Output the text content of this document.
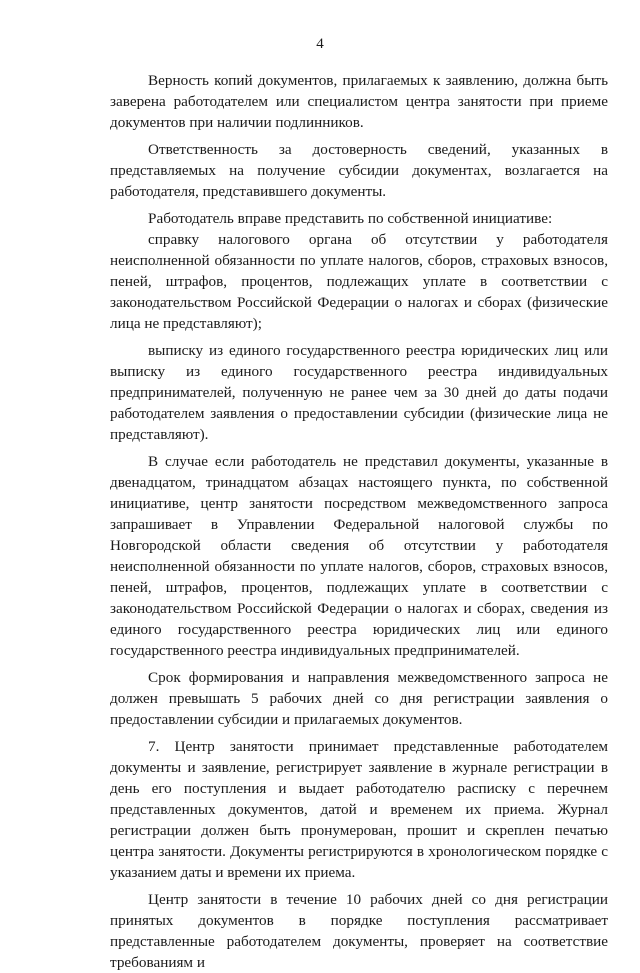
4

Верность копий документов, прилагаемых к заявлению, должна быть заверена работодателем или специалистом центра занятости при приеме документов при наличии подлинников.

Ответственность за достоверность сведений, указанных в представляемых на получение субсидии документах, возлагается на работодателя, представившего документы.

Работодатель вправе представить по собственной инициативе:

справку налогового органа об отсутствии у работодателя неисполненной обязанности по уплате налогов, сборов, страховых взносов, пеней, штрафов, процентов, подлежащих уплате в соответствии с законодательством Российской Федерации о налогах и сборах (физические лица не представляют);

выписку из единого государственного реестра юридических лиц или выписку из единого государственного реестра индивидуальных предпринимателей, полученную не ранее чем за 30 дней до даты подачи работодателем заявления о предоставлении субсидии (физические лица не представляют).

В случае если работодатель не представил документы, указанные в двенадцатом, тринадцатом абзацах настоящего пункта, по собственной инициативе, центр занятости посредством межведомственного запроса запрашивает в Управлении Федеральной налоговой службы по Новгородской области сведения об отсутствии у работодателя неисполненной обязанности по уплате налогов, сборов, страховых взносов, пеней, штрафов, процентов, подлежащих уплате в соответствии с законодательством Российской Федерации о налогах и сборах, сведения из единого государственного реестра юридических лиц или единого государственного реестра индивидуальных предпринимателей.

Срок формирования и направления межведомственного запроса не должен превышать 5 рабочих дней со дня регистрации заявления о предоставлении субсидии и прилагаемых документов.

7. Центр занятости принимает представленные работодателем документы и заявление, регистрирует заявление в журнале регистрации в день его поступления и выдает работодателю расписку с перечнем представленных документов, датой и временем их приема. Журнал регистрации должен быть пронумерован, прошит и скреплен печатью центра занятости. Документы регистрируются в хронологическом порядке с указанием даты и времени их приема.

Центр занятости в течение 10 рабочих дней со дня регистрации принятых документов в порядке поступления рассматривает представленные работодателем документы, проверяет на соответствие требованиям и
